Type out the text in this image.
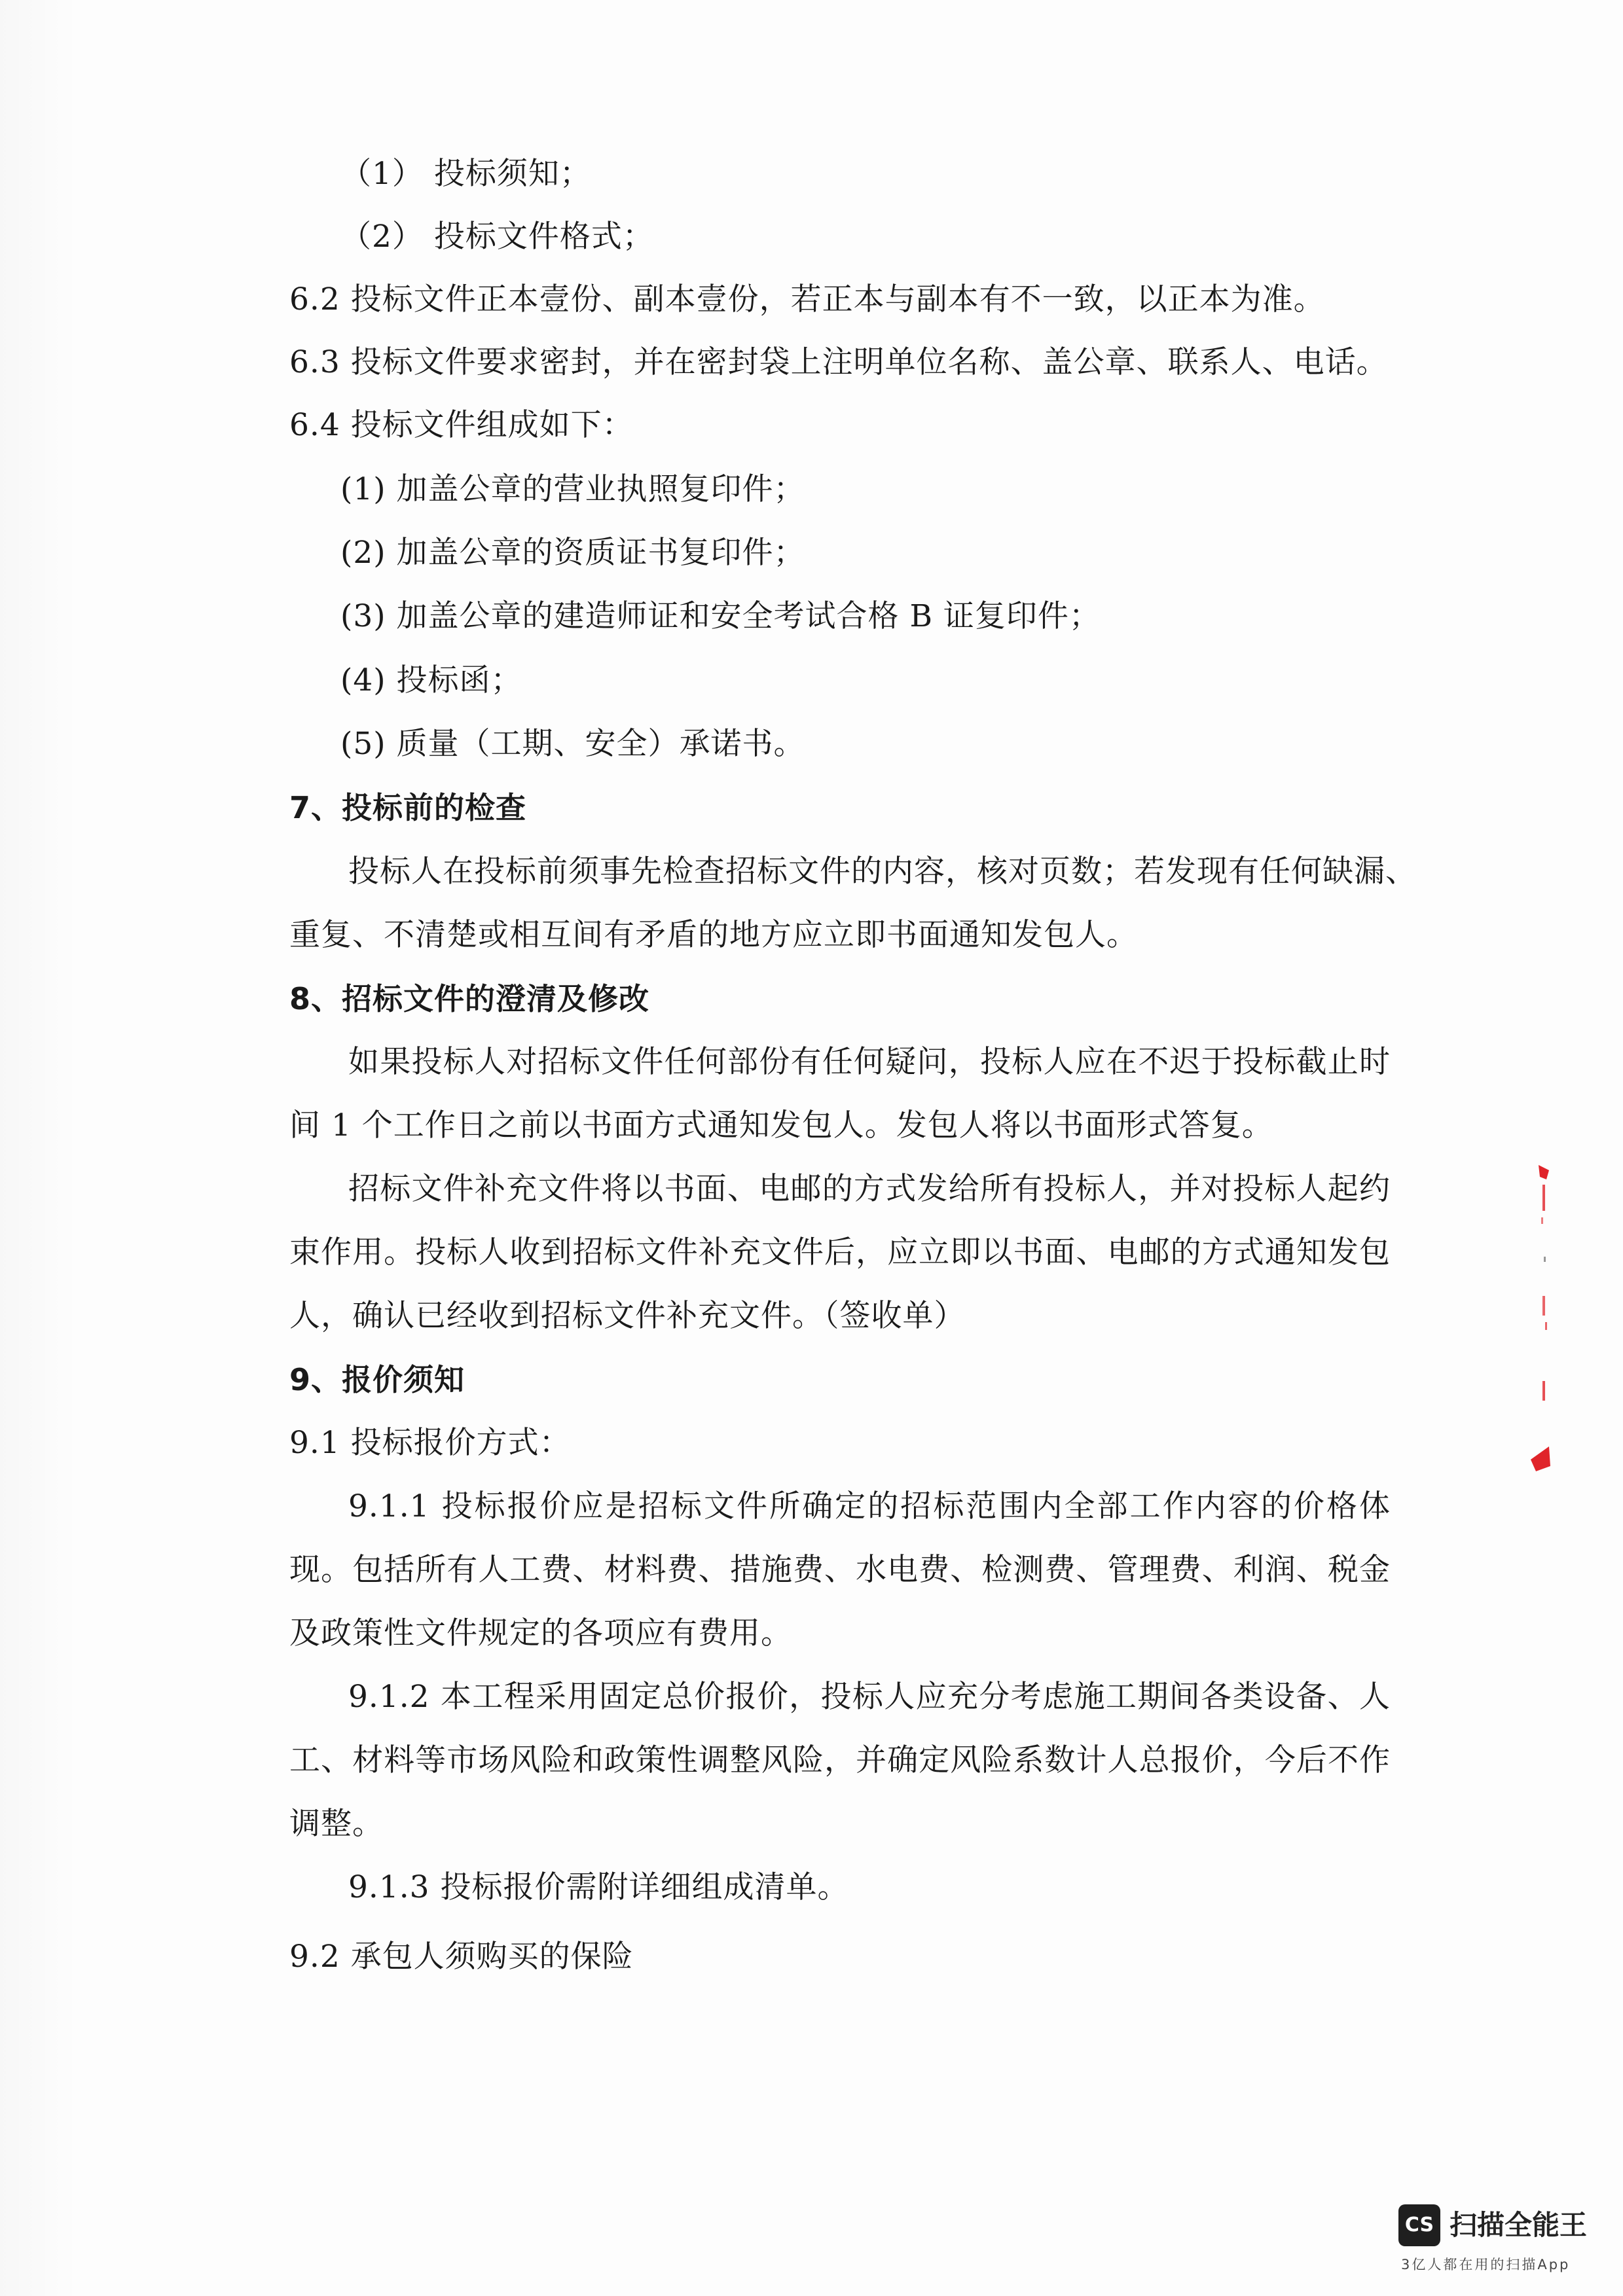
（1） 投标须知；
（2） 投标文件格式；
6.2 投标文件正本壹份、副本壹份，若正本与副本有不一致，以正本为准。
6.3 投标文件要求密封，并在密封袋上注明单位名称、盖公章、联系人、电话。
6.4 投标文件组成如下：
(1) 加盖公章的营业执照复印件；
(2) 加盖公章的资质证书复印件；
(3) 加盖公章的建造师证和安全考试合格 B 证复印件；
(4) 投标函；
(5) 质量（工期、安全）承诺书。
7、投标前的检查
投标人在投标前须事先检查招标文件的内容，核对页数；若发现有任何缺漏、
重复、不清楚或相互间有矛盾的地方应立即书面通知发包人。
8、招标文件的澄清及修改
如果投标人对招标文件任何部份有任何疑问，投标人应在不迟于投标截止时
间 1 个工作日之前以书面方式通知发包人。发包人将以书面形式答复。
招标文件补充文件将以书面、电邮的方式发给所有投标人，并对投标人起约
束作用。投标人收到招标文件补充文件后，应立即以书面、电邮的方式通知发包
人，确认已经收到招标文件补充文件。（签收单）
9、报价须知
9.1 投标报价方式：
9.1.1 投标报价应是招标文件所确定的招标范围内全部工作内容的价格体
现。包括所有人工费、材料费、措施费、水电费、检测费、管理费、利润、税金
及政策性文件规定的各项应有费用。
9.1.2 本工程采用固定总价报价，投标人应充分考虑施工期间各类设备、人
工、材料等市场风险和政策性调整风险，并确定风险系数计人总报价，今后不作
调整。
9.1.3 投标报价需附详细组成清单。
9.2 承包人须购买的保险
CS 扫描全能王
3亿人都在用的扫描App
